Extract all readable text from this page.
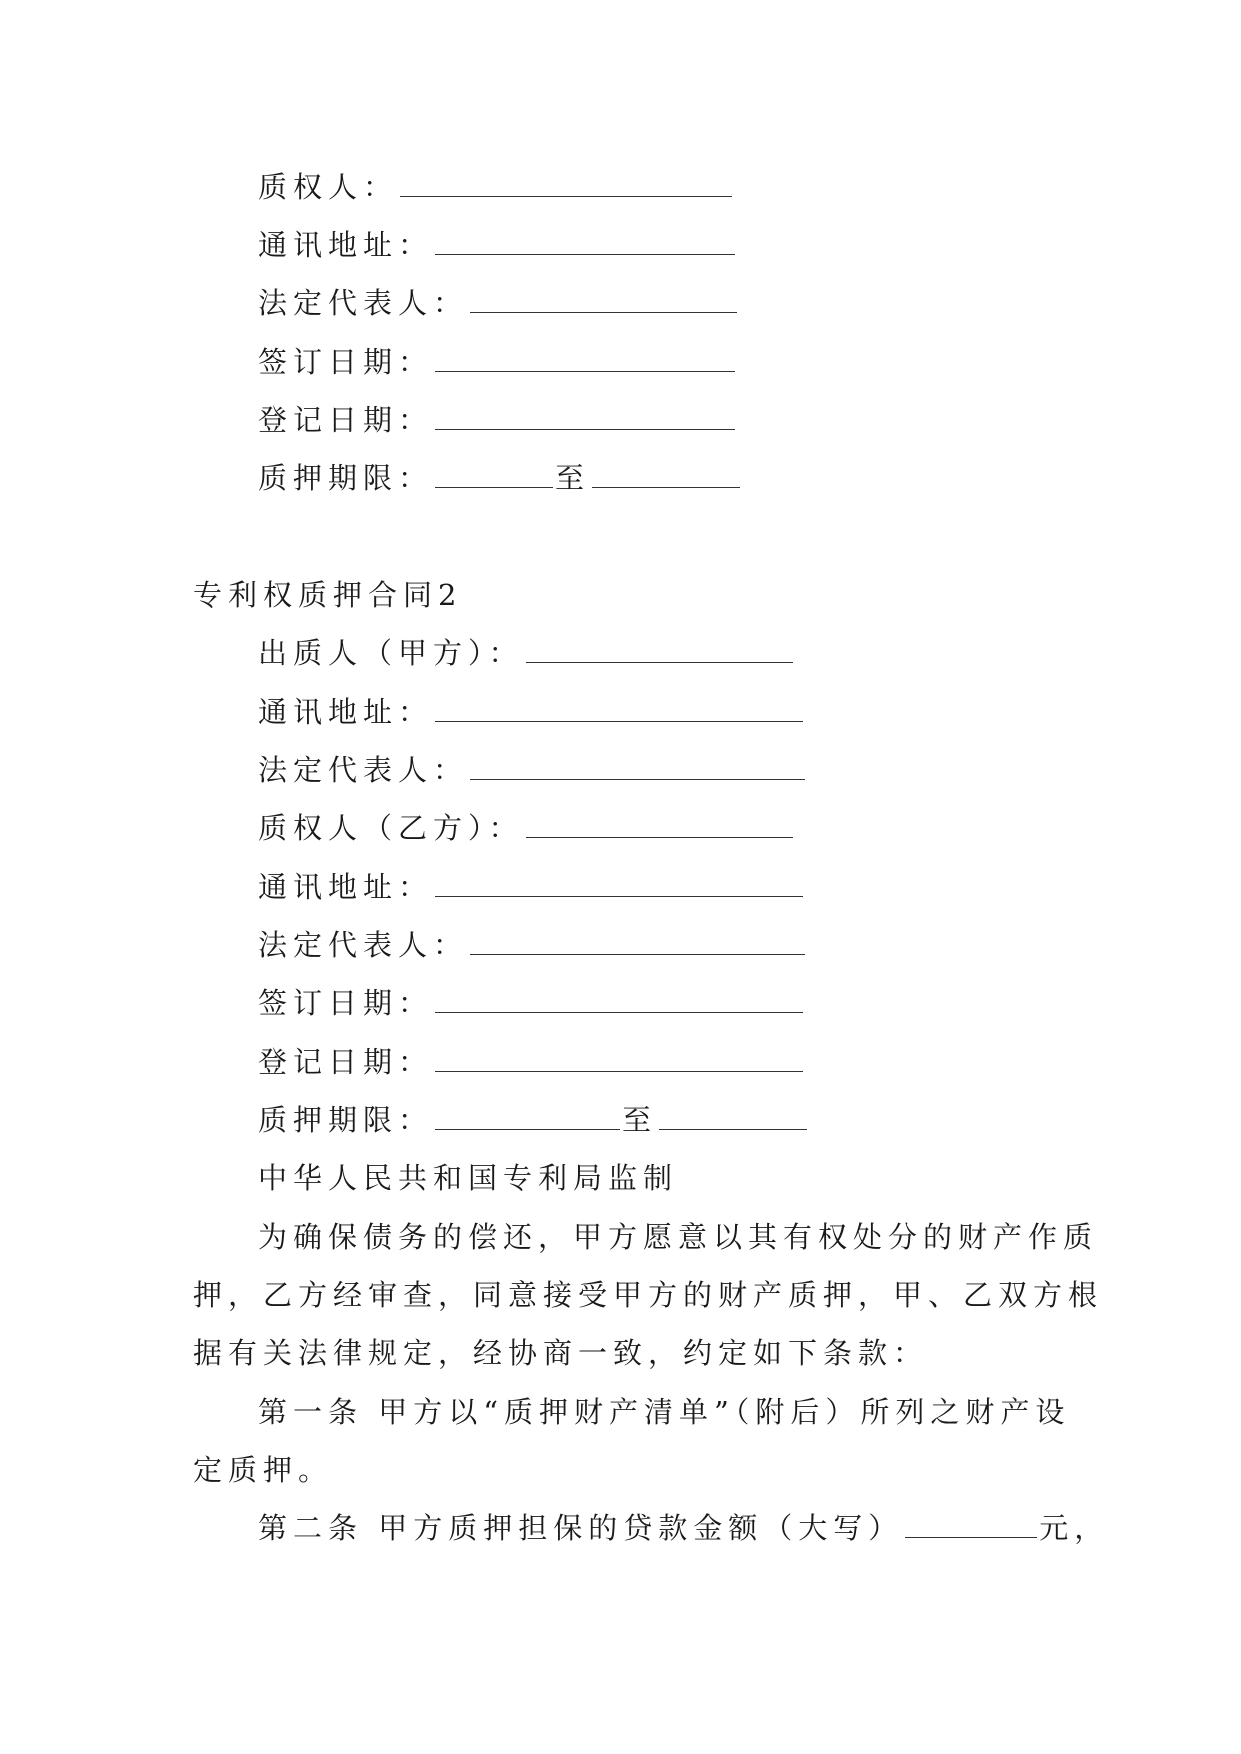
质权人：
通讯地址：
法定代表人：
签订日期：
登记日期：
质押期限：	至
专利权质押合同2
出质人（甲方）：
通讯地址：
法定代表人：
质权人（乙方）：
通讯地址：
法定代表人：
签订日期：
登记日期：
质押期限：	至
中华人民共和国专利局监制
为确保债务的偿还，甲方愿意以其有权处分的财产作质
押，乙方经审查，同意接受甲方的财产质押，甲、乙双方根
据有关法律规定，经协商一致，约定如下条款：
第一条 甲方以“质押财产清单”（附后）所列之财产设
定质押。
第二条 甲方质押担保的贷款金额（大写）	元，
